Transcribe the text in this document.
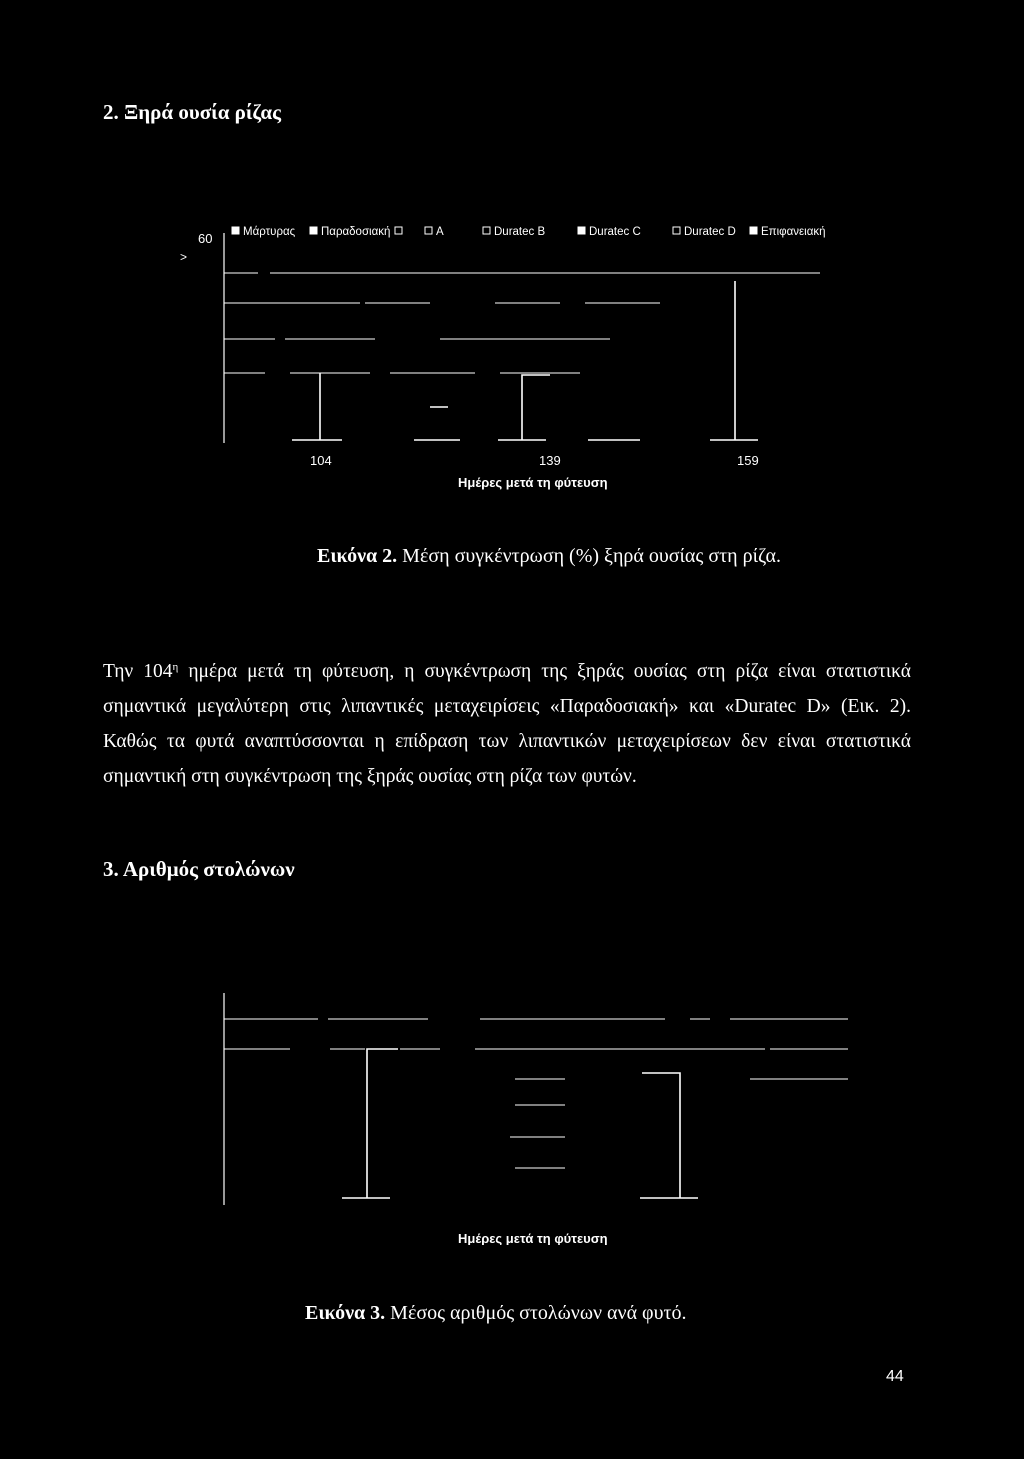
2. Ξηρά ουσία ρίζας
60
>
Μάρτυρας Παραδοσιακή	A	Duratec B	Duratec C	Duratec D Επιφανειακή
104	139	159
Ημέρες μετά τη φύτευση
Εικόνα 2. Μέση συγκέντρωση (%) ξηρά ουσίας στη ρίζα.
Την $104^\eta$ ημέρα μετά τη φύτευση, η συγκέντρωση της ξηράς ουσίας στη ρίζα είναι στατιστικά σημαντικά μεγαλύτερη στις λιπαντικές μεταχειρίσεις «Παραδοσιακή» και «Duratec D» (Εικ. 2). Καθώς τα φυτά αναπτύσσονται η επίδραση των λιπαντικών μεταχειρίσεων δεν είναι στατιστικά σημαντική στη συγκέντρωση της ξηράς ουσίας στη ρίζα των φυτών.
3. Αριθμός στολώνων
Ημέρες μετά τη φύτευση
Εικόνα 3. Μέσος αριθμός στολώνων ανά φυτό.
44
